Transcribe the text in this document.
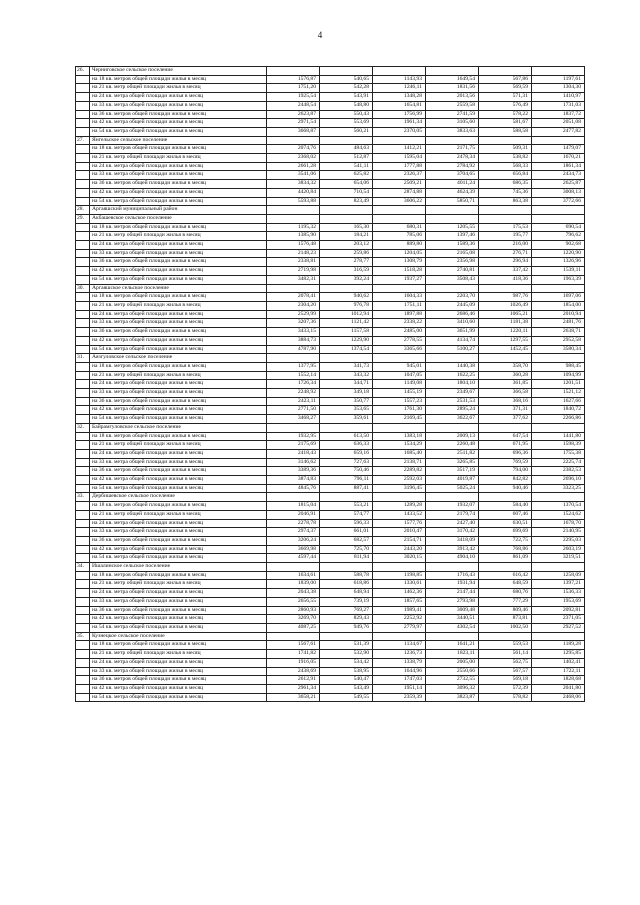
4
26.	Черниговское сельское поселение						
	на 18 кв. метров общей площади жилья в месяц	1576,87	540,65	1143,93	1649,54	567,86	1197,61
	на 21 кв. метр общей площади жилья в месяц	1751,20	542,28	1246,11	1831,56	569,59	1304,30
	на 24 кв. метра общей площади жилья в месяц	1925,54	543,91	1348,28	2013,56	571,31	1410,97
	на 33 кв. метра общей площади жилья в месяц	2448,54	548,80	1654,81	2559,58	576,49	1731,03
	на 36 кв. метров общей площади жилья в месяц	2623,87	550,43	1756,99	2741,59	578,22	1837,72
	на 42 кв. метра общей площади жилья в месяц	2971,54	553,69	1961,34	3105,60	581,67	2051,08
	на 54 кв. метра общей площади жилья в месяц	3668,87	560,21	2370,05	3833,63	588,58	2477,82
27.	Янгельское сельское поселение						
	на 18 кв. метров общей площади жилья в месяц	2074,76	484,63	1412,21	2171,75	509,31	1479,07
	на 21 кв. метр общей площади жилья в месяц	2368,02	512,87	1595,04	2478,34	538,82	1670,21
	на 24 кв. метра общей площади жилья в месяц	2661,28	541,11	1777,88	2784,92	568,33	1861,34
	на 33 кв. метра общей площади жилья в месяц	3541,06	625,82	2326,37	3704,65	656,84	2434,73
	на 36 кв. метров общей площади жилья в месяц	3834,32	654,06	2509,21	4011,24	686,35	2625,87
	на 42 кв. метра общей площади жилья в месяц	4420,84	710,54	2874,88	4624,39	745,36	3008,13
	на 54 кв. метра общей площади жилья в месяц	5593,88	823,49	3606,22	5850,71	863,38	3772,66
28.	Аргаяшский муниципальный район						
29.	Акбашевское сельское поселение						
	на 18 кв. метров общей площади жилья в месяц	1195,32	165,30	680,31	1205,55	175,53	690,54
	на 21 кв. метр общей площади жилья в месяц	1385,90	184,21	785,06	1397,46	195,77	796,62
	на 24 кв. метра общей площади жилья в месяц	1576,48	203,12	889,80	1589,36	216,00	902,68
	на 33 кв. метра общей площади жилья в месяц	2148,23	259,86	1204,05	2165,08	276,71	1220,90
	на 36 кв. метров общей площади жилья в месяц	2338,81	278,77	1308,79	2356,98	296,94	1326,96
	на 42 кв. метра общей площади жилья в месяц	2719,98	316,59	1518,28	2740,81	337,42	1539,11
	на 54 кв. метра общей площади жилья в месяц	3482,31	392,24	1937,27	3508,43	418,36	1963,39
30.	Аргаяшское сельское поселение						
	на 18 кв. метров общей площади жилья в месяц	2078,41	940,62	1604,33	2203,70	987,76	1697,06
	на 21 кв. метр общей площади жилья в месяц	2304,20	976,78	1751,11	2445,09	1026,49	1854,00
	на 24 кв. метра общей площади жилья в месяц	2529,99	1012,94	1897,88	2686,46	1065,21	2010,94
	на 33 кв. метра общей площади жилья в месяц	3207,36	1121,42	2338,22	3410,60	1181,38	2481,76
	на 36 кв. метров общей площади жилья в месяц	3433,15	1157,58	2485,00	3651,99	1220,11	2638,71
	на 42 кв. метра общей площади жилья в месяц	3884,73	1229,90	2778,55	4134,74	1297,55	2952,58
	на 54 кв. метра общей площади жилья в месяц	4787,90	1374,54	3365,66	5100,27	1452,45	3580,34
31.	Аязгуловское сельское поселение						
	на 18 кв. метров общей площади жилья в месяц	1377,95	341,73	945,01	1440,38	358,70	988,45
	на 21 кв. метр общей площади жилья в месяц	1552,14	343,32	1047,05	1622,25	360,28	1094,99
	на 24 кв. метра общей площади жилья в месяц	1726,34	344,71	1149,08	1804,10	361,85	1201,51
	на 33 кв. метра общей площади жилья в месяц	2248,92	349,18	1455,19	2349,67	366,58	1521,12
	на 36 кв. метров общей площади жилья в месяц	2423,11	350,77	1557,23	2531,53	368,16	1627,66
	на 42 кв. метра общей площади жилья в месяц	2771,50	353,65	1761,30	2895,24	371,31	1840,72
	на 54 кв. метра общей площади жилья в месяц	3468,27	359,61	2169,45	3622,67	377,62	2266,86
32.	Байрамгуловское сельское поселение						
	на 18 кв. метров общей площади жилья в месяц	1932,95	613,50	1383,18	2009,13	647,54	1441,80
	на 21 кв. метр общей площади жилья в месяц	2175,69	636,33	1534,29	2260,48	671,95	1598,39
	на 24 кв. метра общей площади жилья в месяц	2418,43	659,16	1685,40	2511,82	696,36	1755,38
	на 33 кв. метра общей площади жилья в месяц	3146,62	727,63	2138,71	3265,85	769,59	2225,74
	на 36 кв. метров общей площади жилья в месяц	3389,36	750,46	2289,82	3517,19	794,00	2382,53
	на 42 кв. метра общей площади жилья в месяц	3874,83	796,11	2592,03	4019,87	842,82	2696,10
	на 54 кв. метра общей площади жилья в месяц	4845,76	887,41	3196,45	5025,24	940,46	3323,25
33.	Дербишевское сельское поселение						
	на 18 кв. метров общей площади жилья в месяц	1815,04	553,21	1289,28	1932,07	584,40	1370,54
	на 21 кв. метр общей площади жилья в месяц	2046,91	574,77	1433,52	2179,74	607,46	1524,62
	на 24 кв. метра общей площади жилья в месяц	2278,78	596,33	1577,76	2427,40	630,51	1678,70
	на 33 кв. метра общей площади жилья в месяц	2974,37	661,01	2010,47	3170,42	699,69	2140,95
	на 36 кв. метров общей площади жилья в месяц	3206,24	682,57	2154,71	3418,09	722,75	2295,03
	на 42 кв. метра общей площади жилья в месяц	3669,98	725,70	2443,20	3913,42	768,86	2603,19
	на 54 кв. метра общей площади жилья в месяц	4597,44	811,94	3020,15	4904,10	861,09	3219,51
34.	Ишалинское сельское поселение						
	на 18 кв. метров общей площади жилья в месяц	1634,61	588,78	1198,85	1716,43	616,42	1258,09
	на 21 кв. метр общей площади жилья в месяц	1839,00	618,86	1330,61	1931,94	648,59	1397,21
	на 24 кв. метра общей площади жилья в месяц	2043,38	648,94	1462,36	2147,44	680,76	1536,33
	на 33 кв. метра общей площади жилья в месяц	2656,55	739,19	1857,65	2793,98	777,29	1953,69
	на 36 кв. метров общей площади жилья в месяц	2860,93	769,27	1989,41	3009,48	809,46	2092,81
	на 42 кв. метра общей площади жилья в месяц	3269,70	829,43	2252,92	3440,51	873,81	2371,05
	на 54 кв. метра общей площади жилья в месяц	4087,25	949,76	2779,97	4302,54	1002,50	2927,52
35.	Кузнецкое сельское поселение						
	на 18 кв. метров общей площади жилья в месяц	1567,61	531,39	1134,67	1641,21	559,53	1189,28
	на 21 кв. метр общей площади жилья в месяц	1741,82	532,90	1236,73	1823,11	561,14	1295,85
	на 24 кв. метра общей площади жилья в месяц	1916,05	534,42	1338,79	2005,00	562,75	1402,41
	на 33 кв. метра общей площади жилья в месяц	2438,69	538,95	1644,96	2550,66	567,57	1722,11
	на 36 кв. метров общей площади жилья в месяц	2612,91	540,47	1747,03	2732,55	569,18	1828,68
	на 42 кв. метра общей площади жилья в месяц	2961,34	543,49	1951,14	3096,32	572,39	2041,80
	на 54 кв. метра общей площади жилья в месяц	3658,21	549,55	2359,39	3823,87	578,82	2468,06
